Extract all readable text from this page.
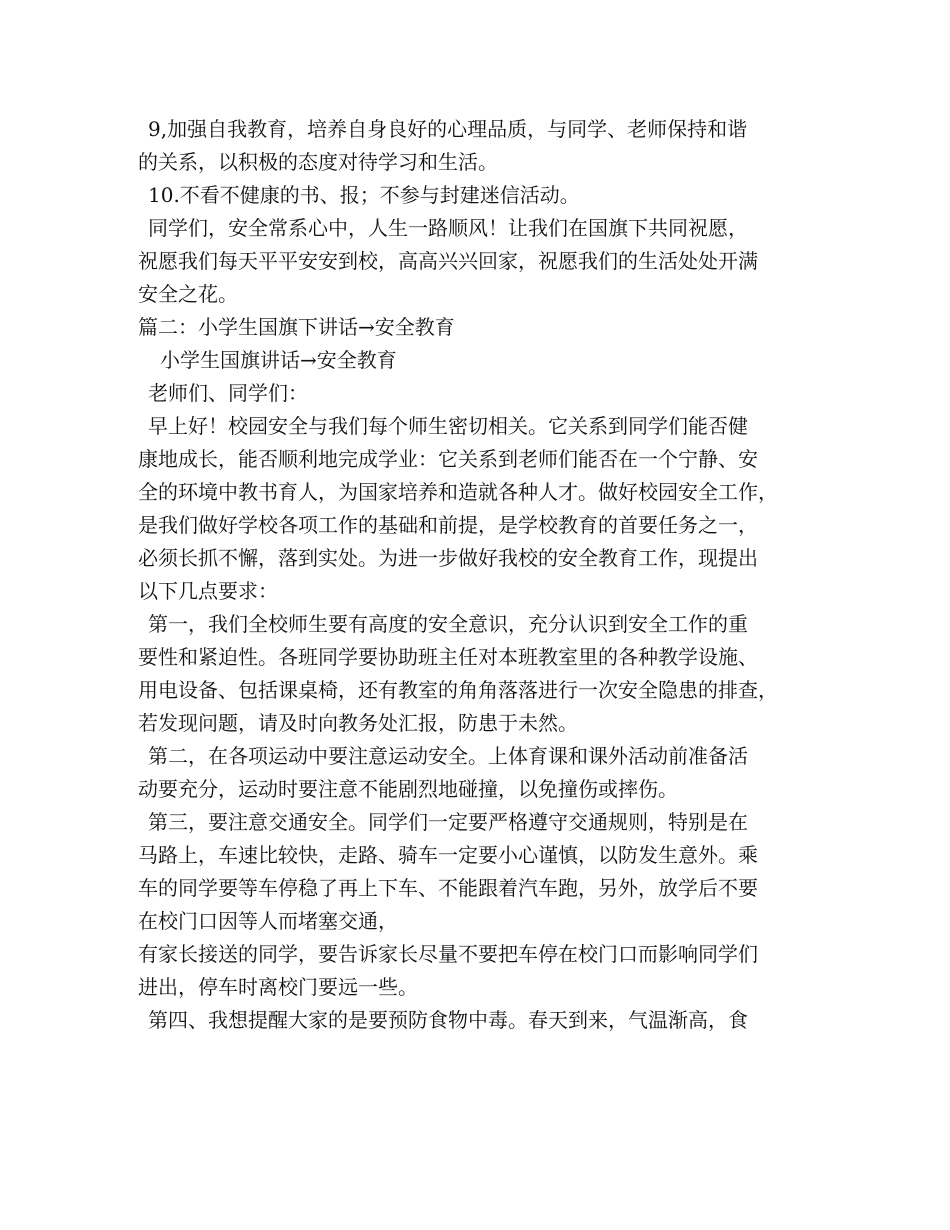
9,加强自我教育，培养自身良好的心理品质，与同学、老师保持和谐
的关系，以积极的态度对待学习和生活。
10.不看不健康的书、报；不参与封建迷信活动。
同学们，安全常系心中，人生一路顺风！让我们在国旗下共同祝愿，
祝愿我们每天平平安安到校，高高兴兴回家，祝愿我们的生活处处开满
安全之花。
篇二：小学生国旗下讲话→安全教育
小学生国旗讲话→安全教育
老师们、同学们：
早上好！校园安全与我们每个师生密切相关。它关系到同学们能否健
康地成长，能否顺利地完成学业：它关系到老师们能否在一个宁静、安
全的环境中教书育人，为国家培养和造就各种人才。做好校园安全工作，
是我们做好学校各项工作的基础和前提，是学校教育的首要任务之一，
必须长抓不懈，落到实处。为进一步做好我校的安全教育工作，现提出
以下几点要求：
第一，我们全校师生要有高度的安全意识，充分认识到安全工作的重
要性和紧迫性。各班同学要协助班主任对本班教室里的各种教学设施、
用电设备、包括课桌椅，还有教室的角角落落进行一次安全隐患的排查，
若发现问题，请及时向教务处汇报，防患于未然。
第二，在各项运动中要注意运动安全。上体育课和课外活动前准备活
动要充分，运动时要注意不能剧烈地碰撞，以免撞伤或摔伤。
第三，要注意交通安全。同学们一定要严格遵守交通规则，特别是在
马路上，车速比较快，走路、骑车一定要小心谨慎，以防发生意外。乘
车的同学要等车停稳了再上下车、不能跟着汽车跑，另外，放学后不要
在校门口因等人而堵塞交通，
有家长接送的同学，要告诉家长尽量不要把车停在校门口而影响同学们
进出，停车时离校门要远一些。
第四、我想提醒大家的是要预防食物中毒。春天到来，气温渐高，食
